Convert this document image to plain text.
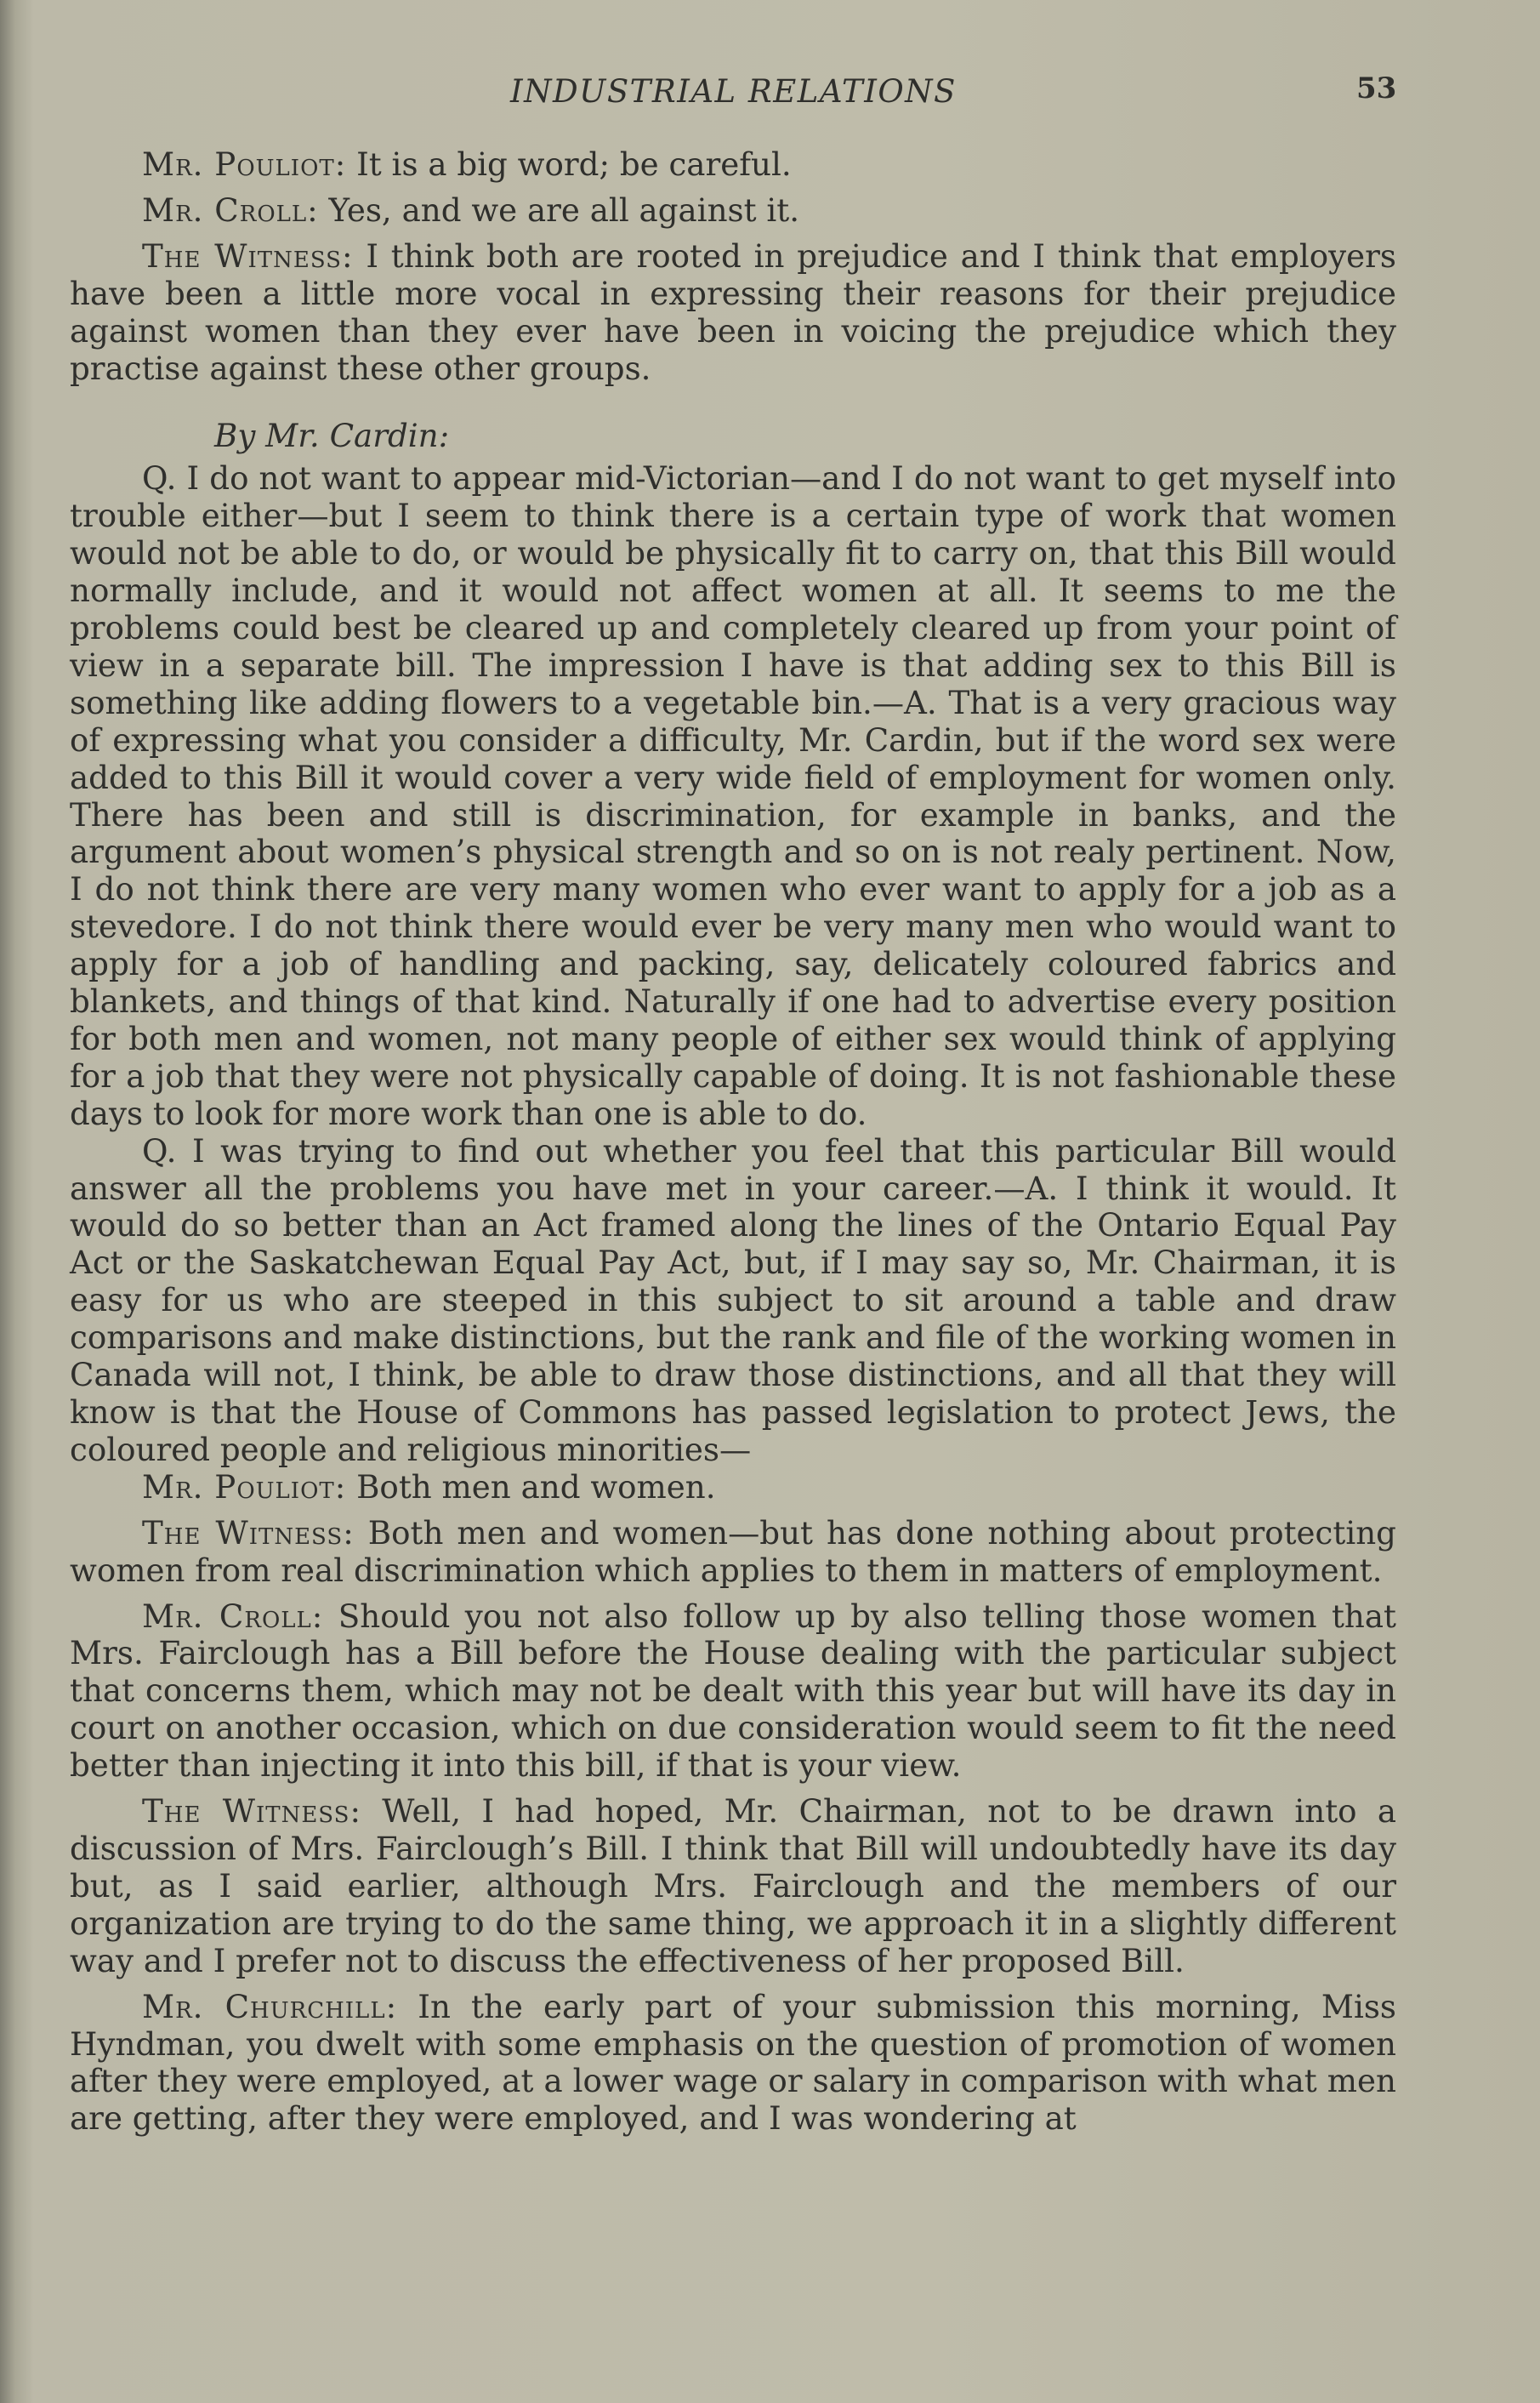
INDUSTRIAL RELATIONS	53

Mr. Pouliot: It is a big word; be careful.

Mr. Croll: Yes, and we are all against it.

The Witness: I think both are rooted in prejudice and I think that employers have been a little more vocal in expressing their reasons for their prejudice against women than they ever have been in voicing the prejudice which they practise against these other groups.

By Mr. Cardin:

Q. I do not want to appear mid-Victorian—and I do not want to get myself into trouble either—but I seem to think there is a certain type of work that women would not be able to do, or would be physically fit to carry on, that this Bill would normally include, and it would not affect women at all. It seems to me the problems could best be cleared up and completely cleared up from your point of view in a separate bill. The impression I have is that adding sex to this Bill is something like adding flowers to a vegetable bin.—A. That is a very gracious way of expressing what you consider a difficulty, Mr. Cardin, but if the word sex were added to this Bill it would cover a very wide field of employment for women only. There has been and still is discrimination, for example in banks, and the argument about women’s physical strength and so on is not realy pertinent. Now, I do not think there are very many women who ever want to apply for a job as a stevedore. I do not think there would ever be very many men who would want to apply for a job of handling and packing, say, delicately coloured fabrics and blankets, and things of that kind. Naturally if one had to advertise every position for both men and women, not many people of either sex would think of applying for a job that they were not physically capable of doing. It is not fashionable these days to look for more work than one is able to do.

Q. I was trying to find out whether you feel that this particular Bill would answer all the problems you have met in your career.—A. I think it would. It would do so better than an Act framed along the lines of the Ontario Equal Pay Act or the Saskatchewan Equal Pay Act, but, if I may say so, Mr. Chairman, it is easy for us who are steeped in this subject to sit around a table and draw comparisons and make distinctions, but the rank and file of the working women in Canada will not, I think, be able to draw those distinctions, and all that they will know is that the House of Commons has passed legislation to protect Jews, the coloured people and religious minorities—

Mr. Pouliot: Both men and women.

The Witness: Both men and women—but has done nothing about protecting women from real discrimination which applies to them in matters of employment.

Mr. Croll: Should you not also follow up by also telling those women that Mrs. Fairclough has a Bill before the House dealing with the particular subject that concerns them, which may not be dealt with this year but will have its day in court on another occasion, which on due consideration would seem to fit the need better than injecting it into this bill, if that is your view.

The Witness: Well, I had hoped, Mr. Chairman, not to be drawn into a discussion of Mrs. Fairclough’s Bill. I think that Bill will undoubtedly have its day but, as I said earlier, although Mrs. Fairclough and the members of our organization are trying to do the same thing, we approach it in a slightly different way and I prefer not to discuss the effectiveness of her proposed Bill.

Mr. Churchill: In the early part of your submission this morning, Miss Hyndman, you dwelt with some emphasis on the question of promotion of women after they were employed, at a lower wage or salary in comparison with what men are getting, after they were employed, and I was wondering at
